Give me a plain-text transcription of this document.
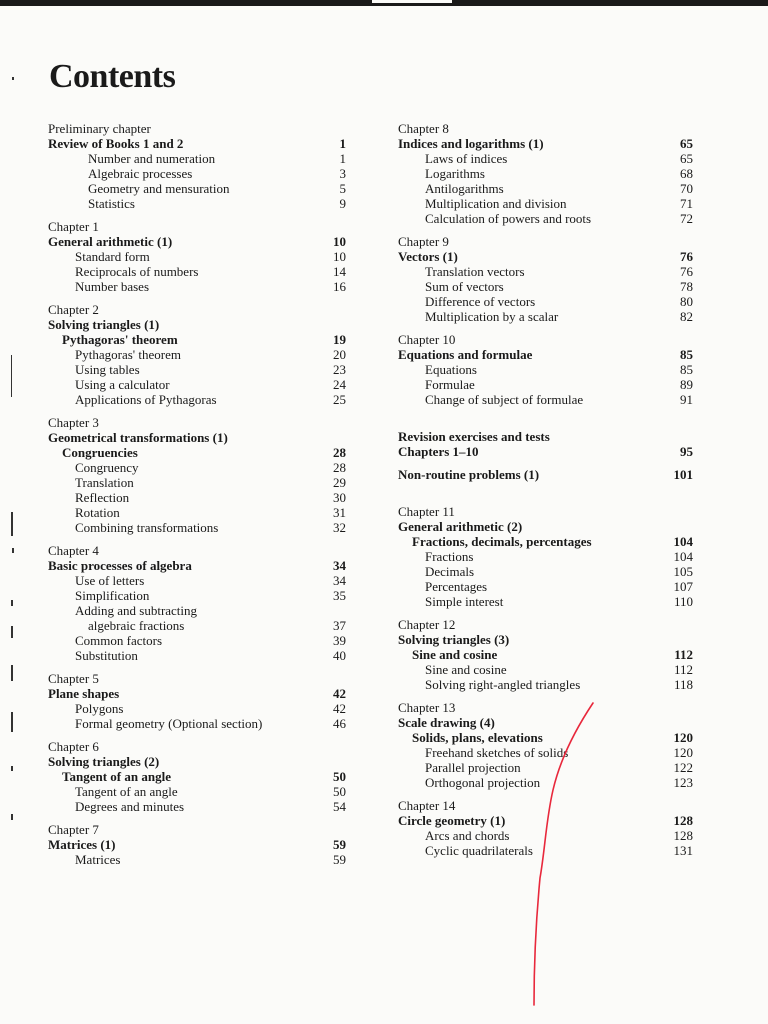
Contents
Preliminary chapter
Review of Books 1 and 2	1
Number and numeration	1
Algebraic processes	3
Geometry and mensuration	5
Statistics	9
Chapter 1
General arithmetic (1)	10
Standard form	10
Reciprocals of numbers	14
Number bases	16
Chapter 2
Solving triangles (1)
Pythagoras' theorem	19
Pythagoras' theorem	20
Using tables	23
Using a calculator	24
Applications of Pythagoras	25
Chapter 3
Geometrical transformations (1)
Congruencies	28
Congruency	28
Translation	29
Reflection	30
Rotation	31
Combining transformations	32
Chapter 4
Basic processes of algebra	34
Use of letters	34
Simplification	35
Adding and subtracting
algebraic fractions	37
Common factors	39
Substitution	40
Chapter 5
Plane shapes	42
Polygons	42
Formal geometry (Optional section)	46
Chapter 6
Solving triangles (2)
Tangent of an angle	50
Tangent of an angle	50
Degrees and minutes	54
Chapter 7
Matrices (1)	59
Matrices	59
Chapter 8
Indices and logarithms (1)	65
Laws of indices	65
Logarithms	68
Antilogarithms	70
Multiplication and division	71
Calculation of powers and roots	72
Chapter 9
Vectors (1)	76
Translation vectors	76
Sum of vectors	78
Difference of vectors	80
Multiplication by a scalar	82
Chapter 10
Equations and formulae	85
Equations	85
Formulae	89
Change of subject of formulae	91
Revision exercises and tests
Chapters 1–10	95
Non-routine problems (1)	101
Chapter 11
General arithmetic (2)
Fractions, decimals, percentages	104
Fractions	104
Decimals	105
Percentages	107
Simple interest	110
Chapter 12
Solving triangles (3)
Sine and cosine	112
Sine and cosine	112
Solving right-angled triangles	118
Chapter 13
Scale drawing (4)
Solids, plans, elevations	120
Freehand sketches of solids	120
Parallel projection	122
Orthogonal projection	123
Chapter 14
Circle geometry (1)	128
Arcs and chords	128
Cyclic quadrilaterals	131
